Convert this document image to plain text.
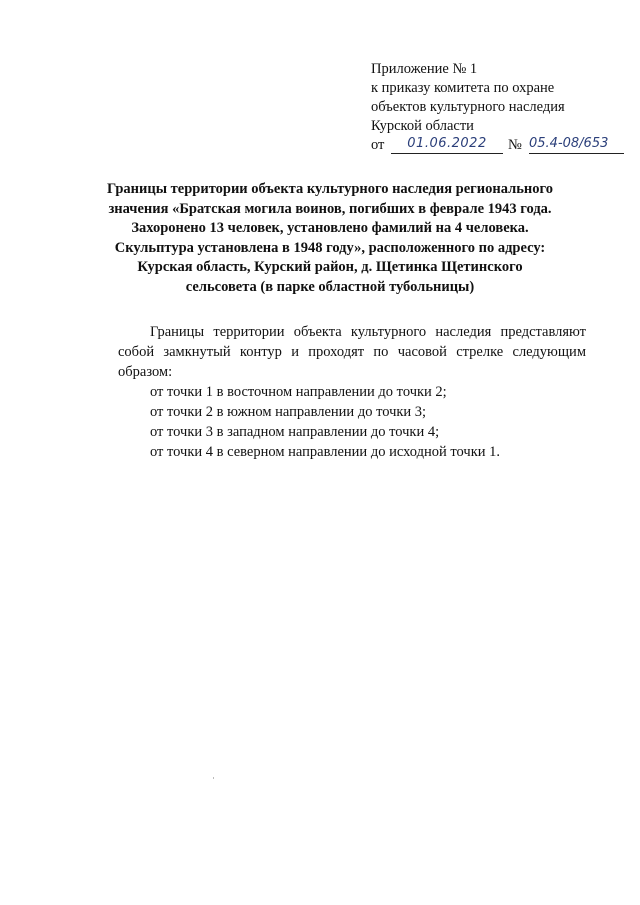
Приложение № 1
к приказу комитета по охране
объектов культурного наследия
Курской области
от	01.06.2022	№ 05.4-08/653
Границы территории объекта культурного наследия регионального
значения «Братская могила воинов, погибших в феврале 1943 года.
Захоронено 13 человек, установлено фамилий на 4 человека.
Скульптура установлена в 1948 году», расположенного по адресу:
Курская область, Курский район, д. Щетинка Щетинского
сельсовета (в парке областной тубольницы)
Границы территории объекта культурного наследия представляют собой замкнутый контур и проходят по часовой стрелке следующим образом:
от точки 1 в восточном направлении до точки 2;
от точки 2 в южном направлении до точки 3;
от точки 3 в западном направлении до точки 4;
от точки 4 в северном направлении до исходной точки 1.
